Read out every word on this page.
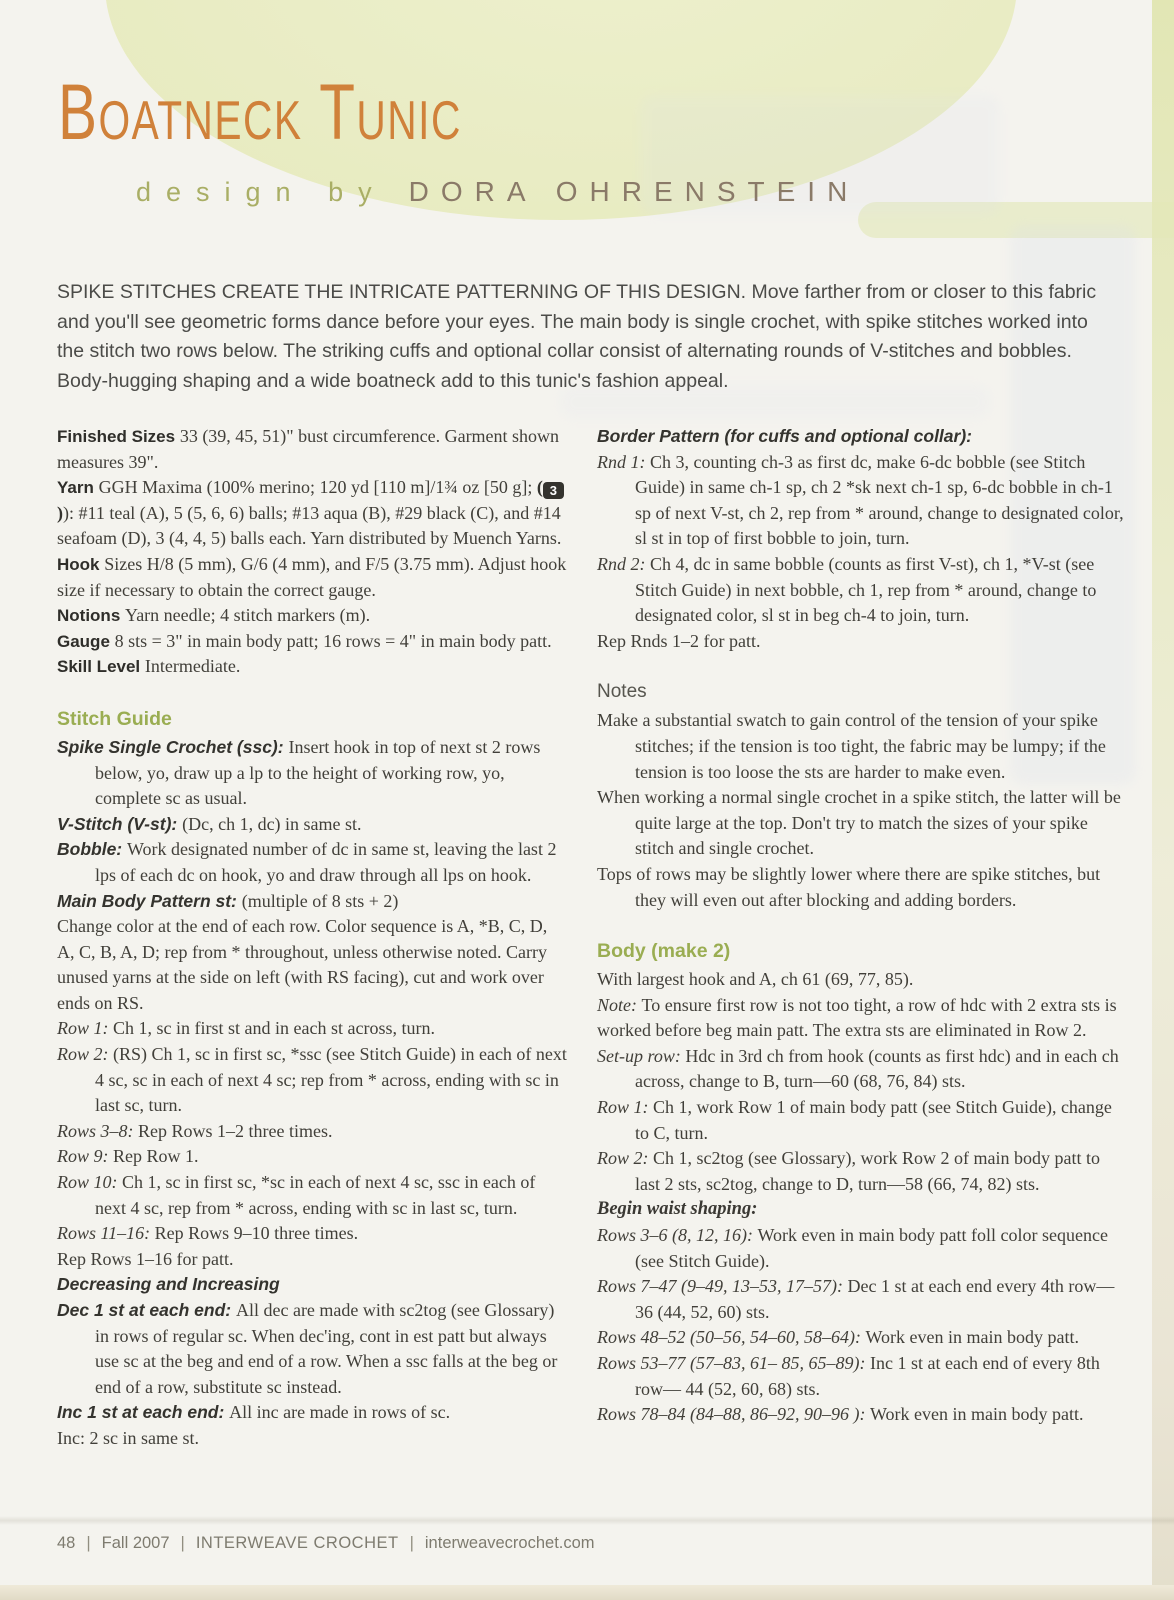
Boatneck Tunic

design by DORA OHRENSTEIN

SPIKE STITCHES CREATE THE INTRICATE PATTERNING OF THIS DESIGN. Move farther from or closer to this fabric and you'll see geometric forms dance before your eyes. The main body is single crochet, with spike stitches worked into the stitch two rows below. The striking cuffs and optional collar consist of alternating rounds of V-stitches and bobbles. Body-hugging shaping and a wide boatneck add to this tunic's fashion appeal.

Finished Sizes 33 (39, 45, 51)" bust circumference. Garment shown measures 39".

Yarn GGH Maxima (100% merino; 120 yd [110 m]/1¾ oz [50 g]; ( 3)): #11 teal (A), 5 (5, 6, 6) balls; #13 aqua (B), #29 black (C), and #14 seafoam (D), 3 (4, 4, 5) balls each. Yarn distributed by Muench Yarns.

Hook Sizes H/8 (5 mm), G/6 (4 mm), and F/5 (3.75 mm). Adjust hook size if necessary to obtain the correct gauge.

Notions Yarn needle; 4 stitch markers (m).

Gauge 8 sts = 3" in main body patt; 16 rows = 4" in main body patt.

Skill Level Intermediate.

Stitch Guide

Spike Single Crochet (ssc): Insert hook in top of next st 2 rows below, yo, draw up a lp to the height of working row, yo, complete sc as usual.

V-Stitch (V-st): (Dc, ch 1, dc) in same st.

Bobble: Work designated number of dc in same st, leaving the last 2 lps of each dc on hook, yo and draw through all lps on hook.

Main Body Pattern st: (multiple of 8 sts + 2)

Change color at the end of each row. Color sequence is A, *B, C, D, A, C, B, A, D; rep from * throughout, unless otherwise noted. Carry unused yarns at the side on left (with RS facing), cut and work over ends on RS.

Row 1: Ch 1, sc in first st and in each st across, turn.

Row 2: (RS) Ch 1, sc in first sc, *ssc (see Stitch Guide) in each of next 4 sc, sc in each of next 4 sc; rep from * across, ending with sc in last sc, turn.

Rows 3–8: Rep Rows 1–2 three times.

Row 9: Rep Row 1.

Row 10: Ch 1, sc in first sc, *sc in each of next 4 sc, ssc in each of next 4 sc, rep from * across, ending with sc in last sc, turn.

Rows 11–16: Rep Rows 9–10 three times.

Rep Rows 1–16 for patt.

Decreasing and Increasing

Dec 1 st at each end: All dec are made with sc2tog (see Glossary) in rows of regular sc. When dec'ing, cont in est patt but always use sc at the beg and end of a row. When a ssc falls at the beg or end of a row, substitute sc instead.

Inc 1 st at each end: All inc are made in rows of sc.

Inc: 2 sc in same st.

Border Pattern (for cuffs and optional collar):

Rnd 1: Ch 3, counting ch-3 as first dc, make 6-dc bobble (see Stitch Guide) in same ch-1 sp, ch 2 *sk next ch-1 sp, 6-dc bobble in ch-1 sp of next V-st, ch 2, rep from * around, change to designated color, sl st in top of first bobble to join, turn.

Rnd 2: Ch 4, dc in same bobble (counts as first V-st), ch 1, *V-st (see Stitch Guide) in next bobble, ch 1, rep from * around, change to designated color, sl st in beg ch-4 to join, turn.

Rep Rnds 1–2 for patt.

Notes

Make a substantial swatch to gain control of the tension of your spike stitches; if the tension is too tight, the fabric may be lumpy; if the tension is too loose the sts are harder to make even.

When working a normal single crochet in a spike stitch, the latter will be quite large at the top. Don't try to match the sizes of your spike stitch and single crochet.

Tops of rows may be slightly lower where there are spike stitches, but they will even out after blocking and adding borders.

Body (make 2)

With largest hook and A, ch 61 (69, 77, 85).

Note: To ensure first row is not too tight, a row of hdc with 2 extra sts is worked before beg main patt. The extra sts are eliminated in Row 2.

Set-up row: Hdc in 3rd ch from hook (counts as first hdc) and in each ch across, change to B, turn—60 (68, 76, 84) sts.

Row 1: Ch 1, work Row 1 of main body patt (see Stitch Guide), change to C, turn.

Row 2: Ch 1, sc2tog (see Glossary), work Row 2 of main body patt to last 2 sts, sc2tog, change to D, turn—58 (66, 74, 82) sts.

Begin waist shaping:

Rows 3–6 (8, 12, 16): Work even in main body patt foll color sequence (see Stitch Guide).

Rows 7–47 (9–49, 13–53, 17–57): Dec 1 st at each end every 4th row—36 (44, 52, 60) sts.

Rows 48–52 (50–56, 54–60, 58–64): Work even in main body patt.

Rows 53–77 (57–83, 61– 85, 65–89): Inc 1 st at each end of every 8th row— 44 (52, 60, 68) sts.

Rows 78–84 (84–88, 86–92, 90–96 ): Work even in main body patt.

48 | Fall 2007 | INTERWEAVE CROCHET | interweavecrochet.com
